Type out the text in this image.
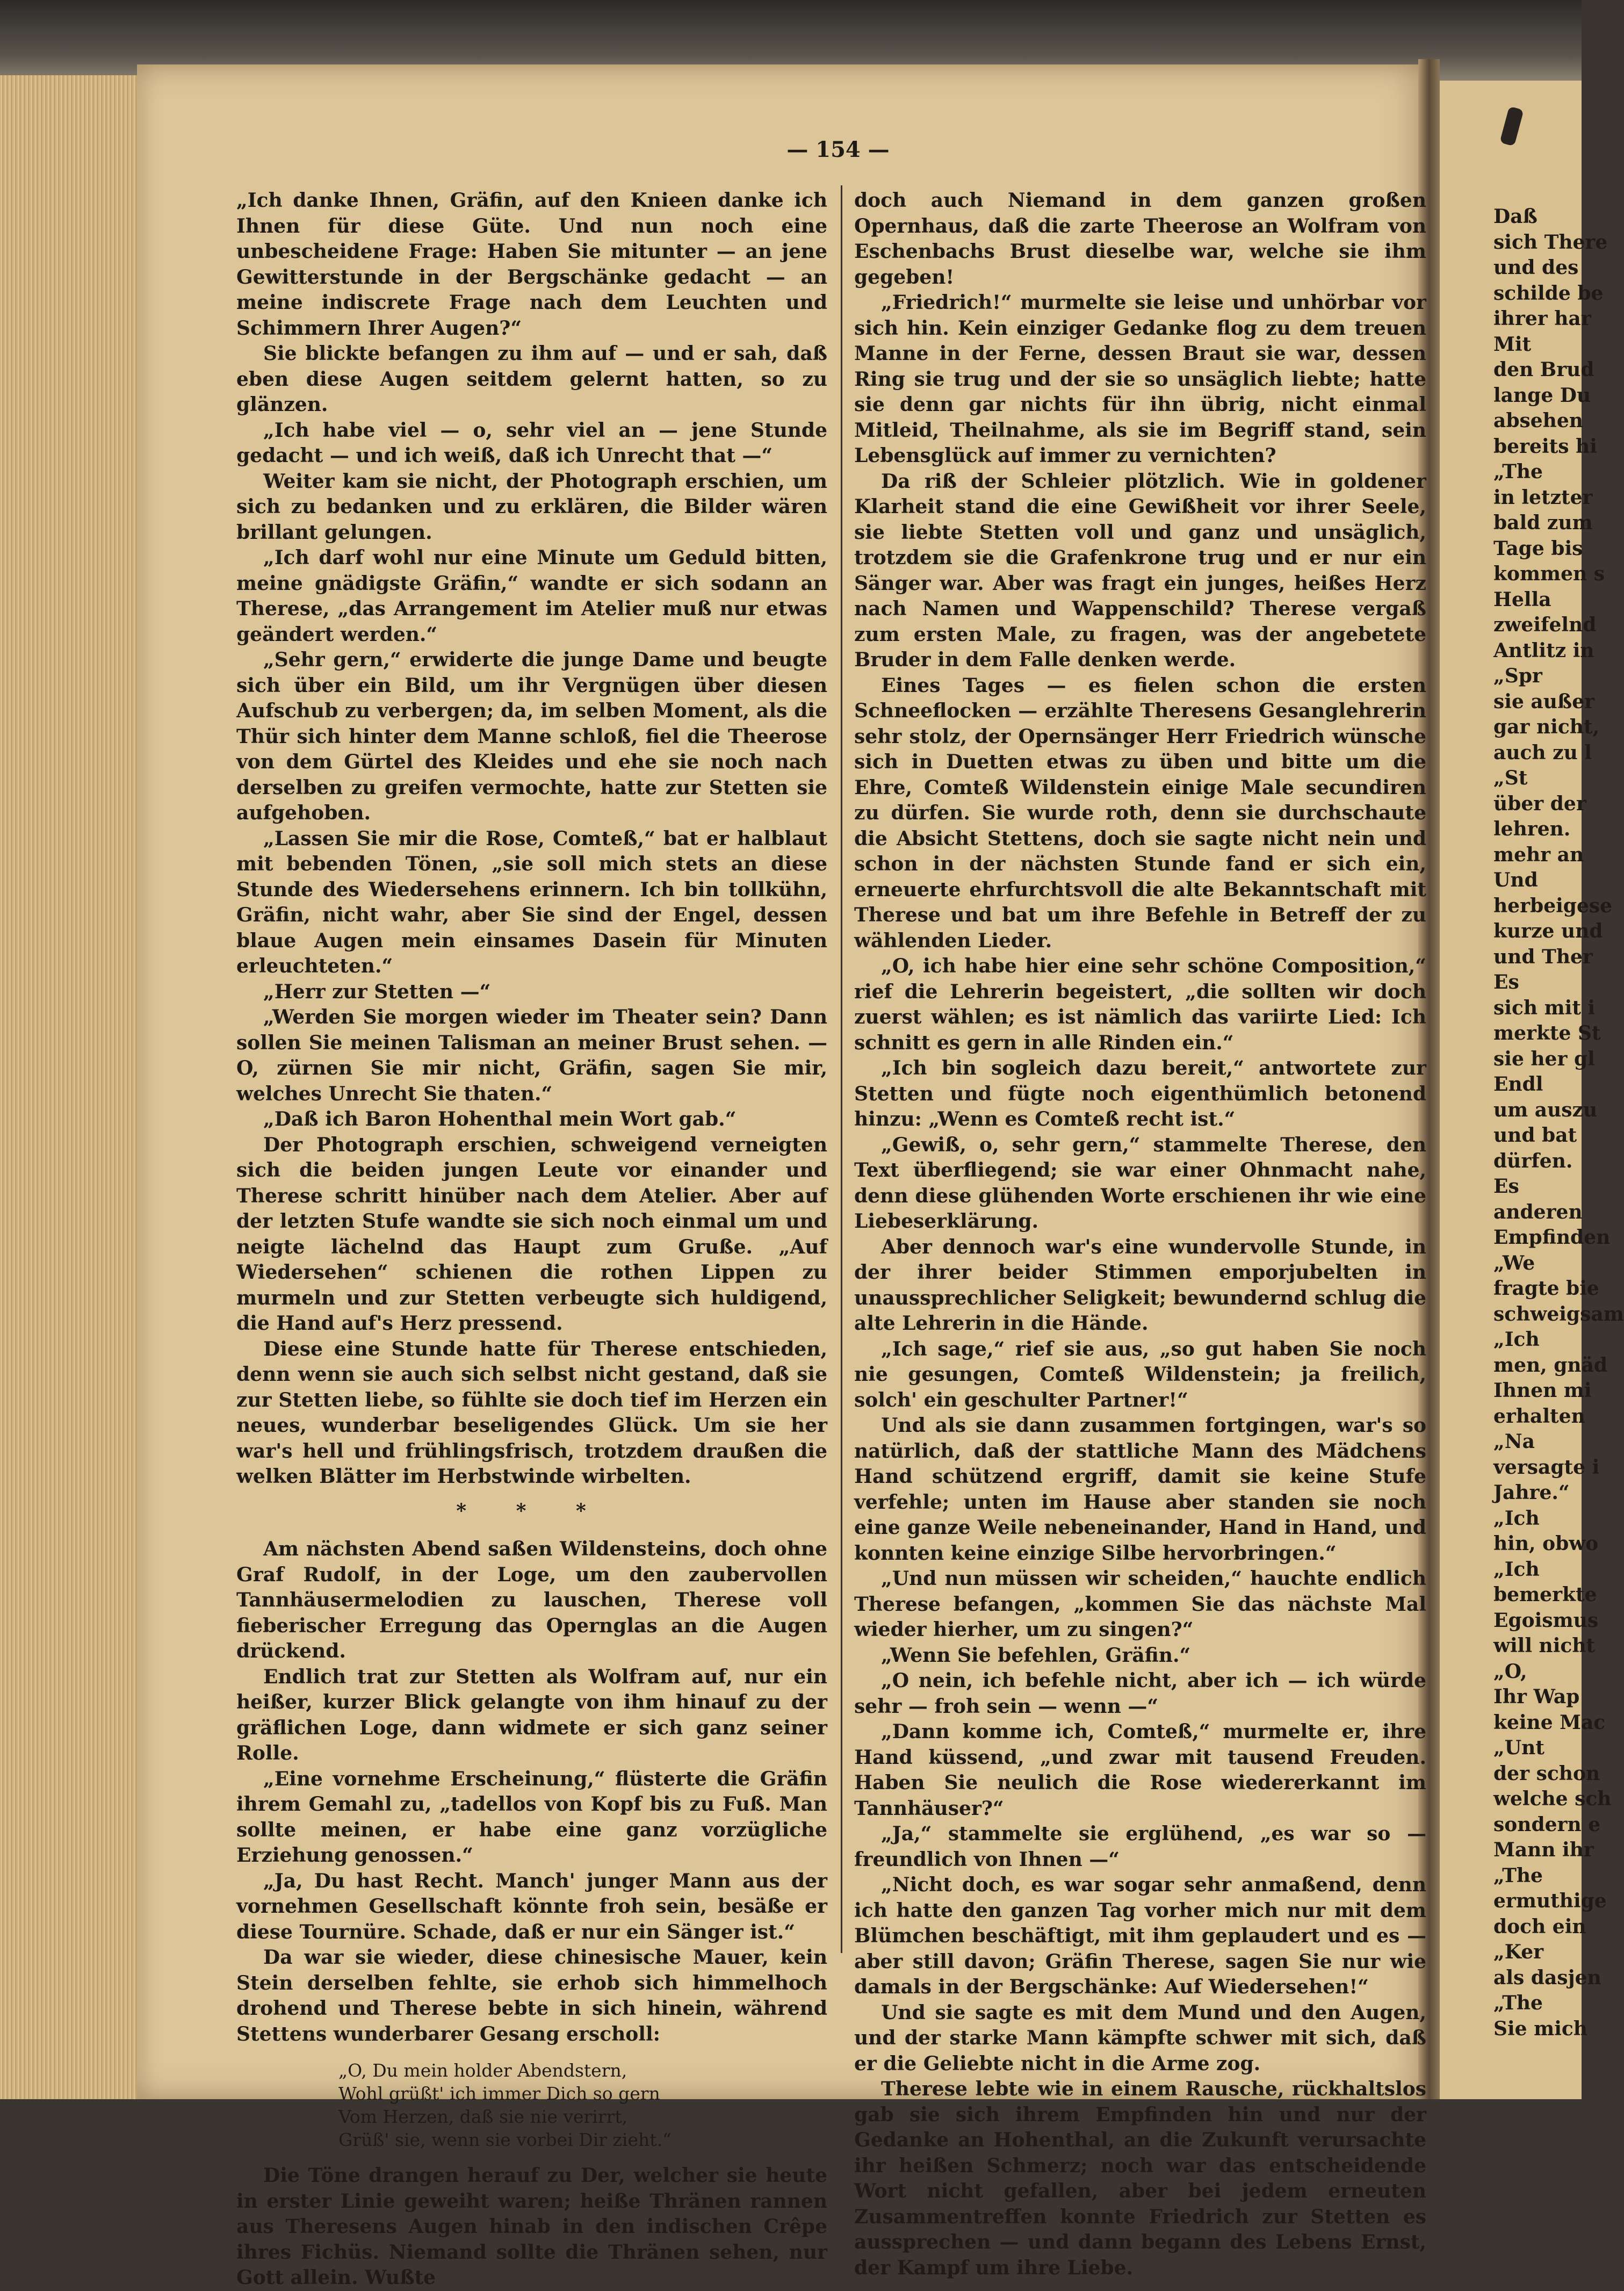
— 154 —

„Ich danke Ihnen, Gräfin, auf den Knieen danke ich Ihnen für diese Güte. Und nun noch eine unbescheidene Frage: Haben Sie mitunter — an jene Gewitterstunde in der Bergschänke gedacht — an meine indiscrete Frage nach dem Leuchten und Schimmern Ihrer Augen?“

Sie blickte befangen zu ihm auf — und er sah, daß eben diese Augen seitdem gelernt hatten, so zu glänzen.

„Ich habe viel — o, sehr viel an — jene Stunde gedacht — und ich weiß, daß ich Unrecht that —“

Weiter kam sie nicht, der Photograph erschien, um sich zu bedanken und zu erklären, die Bilder wären brillant gelungen.

„Ich darf wohl nur eine Minute um Geduld bitten, meine gnädigste Gräfin,“ wandte er sich sodann an Therese, „das Arrangement im Atelier muß nur etwas geändert werden.“

„Sehr gern,“ erwiderte die junge Dame und beugte sich über ein Bild, um ihr Vergnügen über diesen Aufschub zu verbergen; da, im selben Moment, als die Thür sich hinter dem Manne schloß, fiel die Theerose von dem Gürtel des Kleides und ehe sie noch nach derselben zu greifen vermochte, hatte zur Stetten sie aufgehoben.

„Lassen Sie mir die Rose, Comteß,“ bat er halblaut mit bebenden Tönen, „sie soll mich stets an diese Stunde des Wiedersehens erinnern. Ich bin tollkühn, Gräfin, nicht wahr, aber Sie sind der Engel, dessen blaue Augen mein einsames Dasein für Minuten erleuchteten.“

„Herr zur Stetten —“

„Werden Sie morgen wieder im Theater sein? Dann sollen Sie meinen Talisman an meiner Brust sehen. — O, zürnen Sie mir nicht, Gräfin, sagen Sie mir, welches Unrecht Sie thaten.“

„Daß ich Baron Hohenthal mein Wort gab.“

Der Photograph erschien, schweigend verneigten sich die beiden jungen Leute vor einander und Therese schritt hinüber nach dem Atelier. Aber auf der letzten Stufe wandte sie sich noch einmal um und neigte lächelnd das Haupt zum Gruße. „Auf Wiedersehen“ schienen die rothen Lippen zu murmeln und zur Stetten verbeugte sich huldigend, die Hand auf's Herz pressend.

Diese eine Stunde hatte für Therese entschieden, denn wenn sie auch sich selbst nicht gestand, daß sie zur Stetten liebe, so fühlte sie doch tief im Herzen ein neues, wunderbar beseligendes Glück. Um sie her war's hell und frühlingsfrisch, trotzdem draußen die welken Blätter im Herbstwinde wirbelten.

* * *

Am nächsten Abend saßen Wildensteins, doch ohne Graf Rudolf, in der Loge, um den zaubervollen Tannhäusermelodien zu lauschen, Therese voll fieberischer Erregung das Opernglas an die Augen drückend.

Endlich trat zur Stetten als Wolfram auf, nur ein heißer, kurzer Blick gelangte von ihm hinauf zu der gräflichen Loge, dann widmete er sich ganz seiner Rolle.

„Eine vornehme Erscheinung,“ flüsterte die Gräfin ihrem Gemahl zu, „tadellos von Kopf bis zu Fuß. Man sollte meinen, er habe eine ganz vorzügliche Erziehung genossen.“

„Ja, Du hast Recht. Manch' junger Mann aus der vornehmen Gesellschaft könnte froh sein, besäße er diese Tournüre. Schade, daß er nur ein Sänger ist.“

Da war sie wieder, diese chinesische Mauer, kein Stein derselben fehlte, sie erhob sich himmelhoch drohend und Therese bebte in sich hinein, während Stettens wunderbarer Gesang erscholl:

„O, Du mein holder Abendstern,
Wohl grüßt' ich immer Dich so gern
Vom Herzen, daß sie nie verirrt,
Grüß' sie, wenn sie vorbei Dir zieht.“

Die Töne drangen herauf zu Der, welcher sie heute in erster Linie geweiht waren; heiße Thränen rannen aus Theresens Augen hinab in den indischen Crêpe ihres Fichüs. Niemand sollte die Thränen sehen, nur Gott allein. Wußte

doch auch Niemand in dem ganzen großen Opernhaus, daß die zarte Theerose an Wolfram von Eschenbachs Brust dieselbe war, welche sie ihm gegeben!

„Friedrich!“ murmelte sie leise und unhörbar vor sich hin. Kein einziger Gedanke flog zu dem treuen Manne in der Ferne, dessen Braut sie war, dessen Ring sie trug und der sie so unsäglich liebte; hatte sie denn gar nichts für ihn übrig, nicht einmal Mitleid, Theilnahme, als sie im Begriff stand, sein Lebensglück auf immer zu vernichten?

Da riß der Schleier plötzlich. Wie in goldener Klarheit stand die eine Gewißheit vor ihrer Seele, sie liebte Stetten voll und ganz und unsäglich, trotzdem sie die Grafenkrone trug und er nur ein Sänger war. Aber was fragt ein junges, heißes Herz nach Namen und Wappenschild? Therese vergaß zum ersten Male, zu fragen, was der angebetete Bruder in dem Falle denken werde.

Eines Tages — es fielen schon die ersten Schneeflocken — erzählte Theresens Gesanglehrerin sehr stolz, der Opernsänger Herr Friedrich wünsche sich in Duetten etwas zu üben und bitte um die Ehre, Comteß Wildenstein einige Male secundiren zu dürfen. Sie wurde roth, denn sie durchschaute die Absicht Stettens, doch sie sagte nicht nein und schon in der nächsten Stunde fand er sich ein, erneuerte ehrfurchtsvoll die alte Bekanntschaft mit Therese und bat um ihre Befehle in Betreff der zu wählenden Lieder.

„O, ich habe hier eine sehr schöne Composition,“ rief die Lehrerin begeistert, „die sollten wir doch zuerst wählen; es ist nämlich das variirte Lied: Ich schnitt es gern in alle Rinden ein.“

„Ich bin sogleich dazu bereit,“ antwortete zur Stetten und fügte noch eigenthümlich betonend hinzu: „Wenn es Comteß recht ist.“

„Gewiß, o, sehr gern,“ stammelte Therese, den Text überfliegend; sie war einer Ohnmacht nahe, denn diese glühenden Worte erschienen ihr wie eine Liebeserklärung.

Aber dennoch war's eine wundervolle Stunde, in der ihrer beider Stimmen emporjubelten in unaussprechlicher Seligkeit; bewundernd schlug die alte Lehrerin in die Hände.

„Ich sage,“ rief sie aus, „so gut haben Sie noch nie gesungen, Comteß Wildenstein; ja freilich, solch' ein geschulter Partner!“

Und als sie dann zusammen fortgingen, war's so natürlich, daß der stattliche Mann des Mädchens Hand schützend ergriff, damit sie keine Stufe verfehle; unten im Hause aber standen sie noch eine ganze Weile nebeneinander, Hand in Hand, und konnten keine einzige Silbe hervorbringen.“

„Und nun müssen wir scheiden,“ hauchte endlich Therese befangen, „kommen Sie das nächste Mal wieder hierher, um zu singen?“

„Wenn Sie befehlen, Gräfin.“

„O nein, ich befehle nicht, aber ich — ich würde sehr — froh sein — wenn —“

„Dann komme ich, Comteß,“ murmelte er, ihre Hand küssend, „und zwar mit tausend Freuden. Haben Sie neulich die Rose wiedererkannt im Tannhäuser?“

„Ja,“ stammelte sie erglühend, „es war so — freundlich von Ihnen —“

„Nicht doch, es war sogar sehr anmaßend, denn ich hatte den ganzen Tag vorher mich nur mit dem Blümchen beschäftigt, mit ihm geplaudert und es — aber still davon; Gräfin Therese, sagen Sie nur wie damals in der Bergschänke: Auf Wiedersehen!“

Und sie sagte es mit dem Mund und den Augen, und der starke Mann kämpfte schwer mit sich, daß er die Geliebte nicht in die Arme zog.

Therese lebte wie in einem Rausche, rückhaltslos gab sie sich ihrem Empfinden hin und nur der Gedanke an Hohenthal, an die Zukunft verursachte ihr heißen Schmerz; noch war das entscheidende Wort nicht gefallen, aber bei jedem erneuten Zusammentreffen konnte Friedrich zur Stetten es aussprechen — und dann begann des Lebens Ernst, der Kampf um ihre Liebe.

Daß
sich There
und des
schilde be
ihrer har
Mit
den Brud
lange Du
absehen
bereits hi
„The
in letzter
bald zum
Tage bis
kommen s
Hella
zweifelnd
Antlitz in
„Spr
sie außer
gar nicht,
auch zu l
„St
über der
lehren.
mehr an
Und
herbeigese
kurze und
und Ther
Es
sich mit i
merkte St
sie her gl
Endl
um auszu
und bat
dürfen.
Es
anderen
Empfinden
„We
fragte bie
schweigsam
„Ich
men, gnäd
Ihnen mi
erhalten
„Na
versagte i
Jahre.“
„Ich
hin, obwo
„Ich
bemerkte
Egoismus
will nicht
„O,
Ihr Wap
keine Mac
„Unt
der schon
welche sch
sondern e
Mann ihr
„The
ermuthige
doch ein
„Ker
als dasjen
„The
Sie mich
